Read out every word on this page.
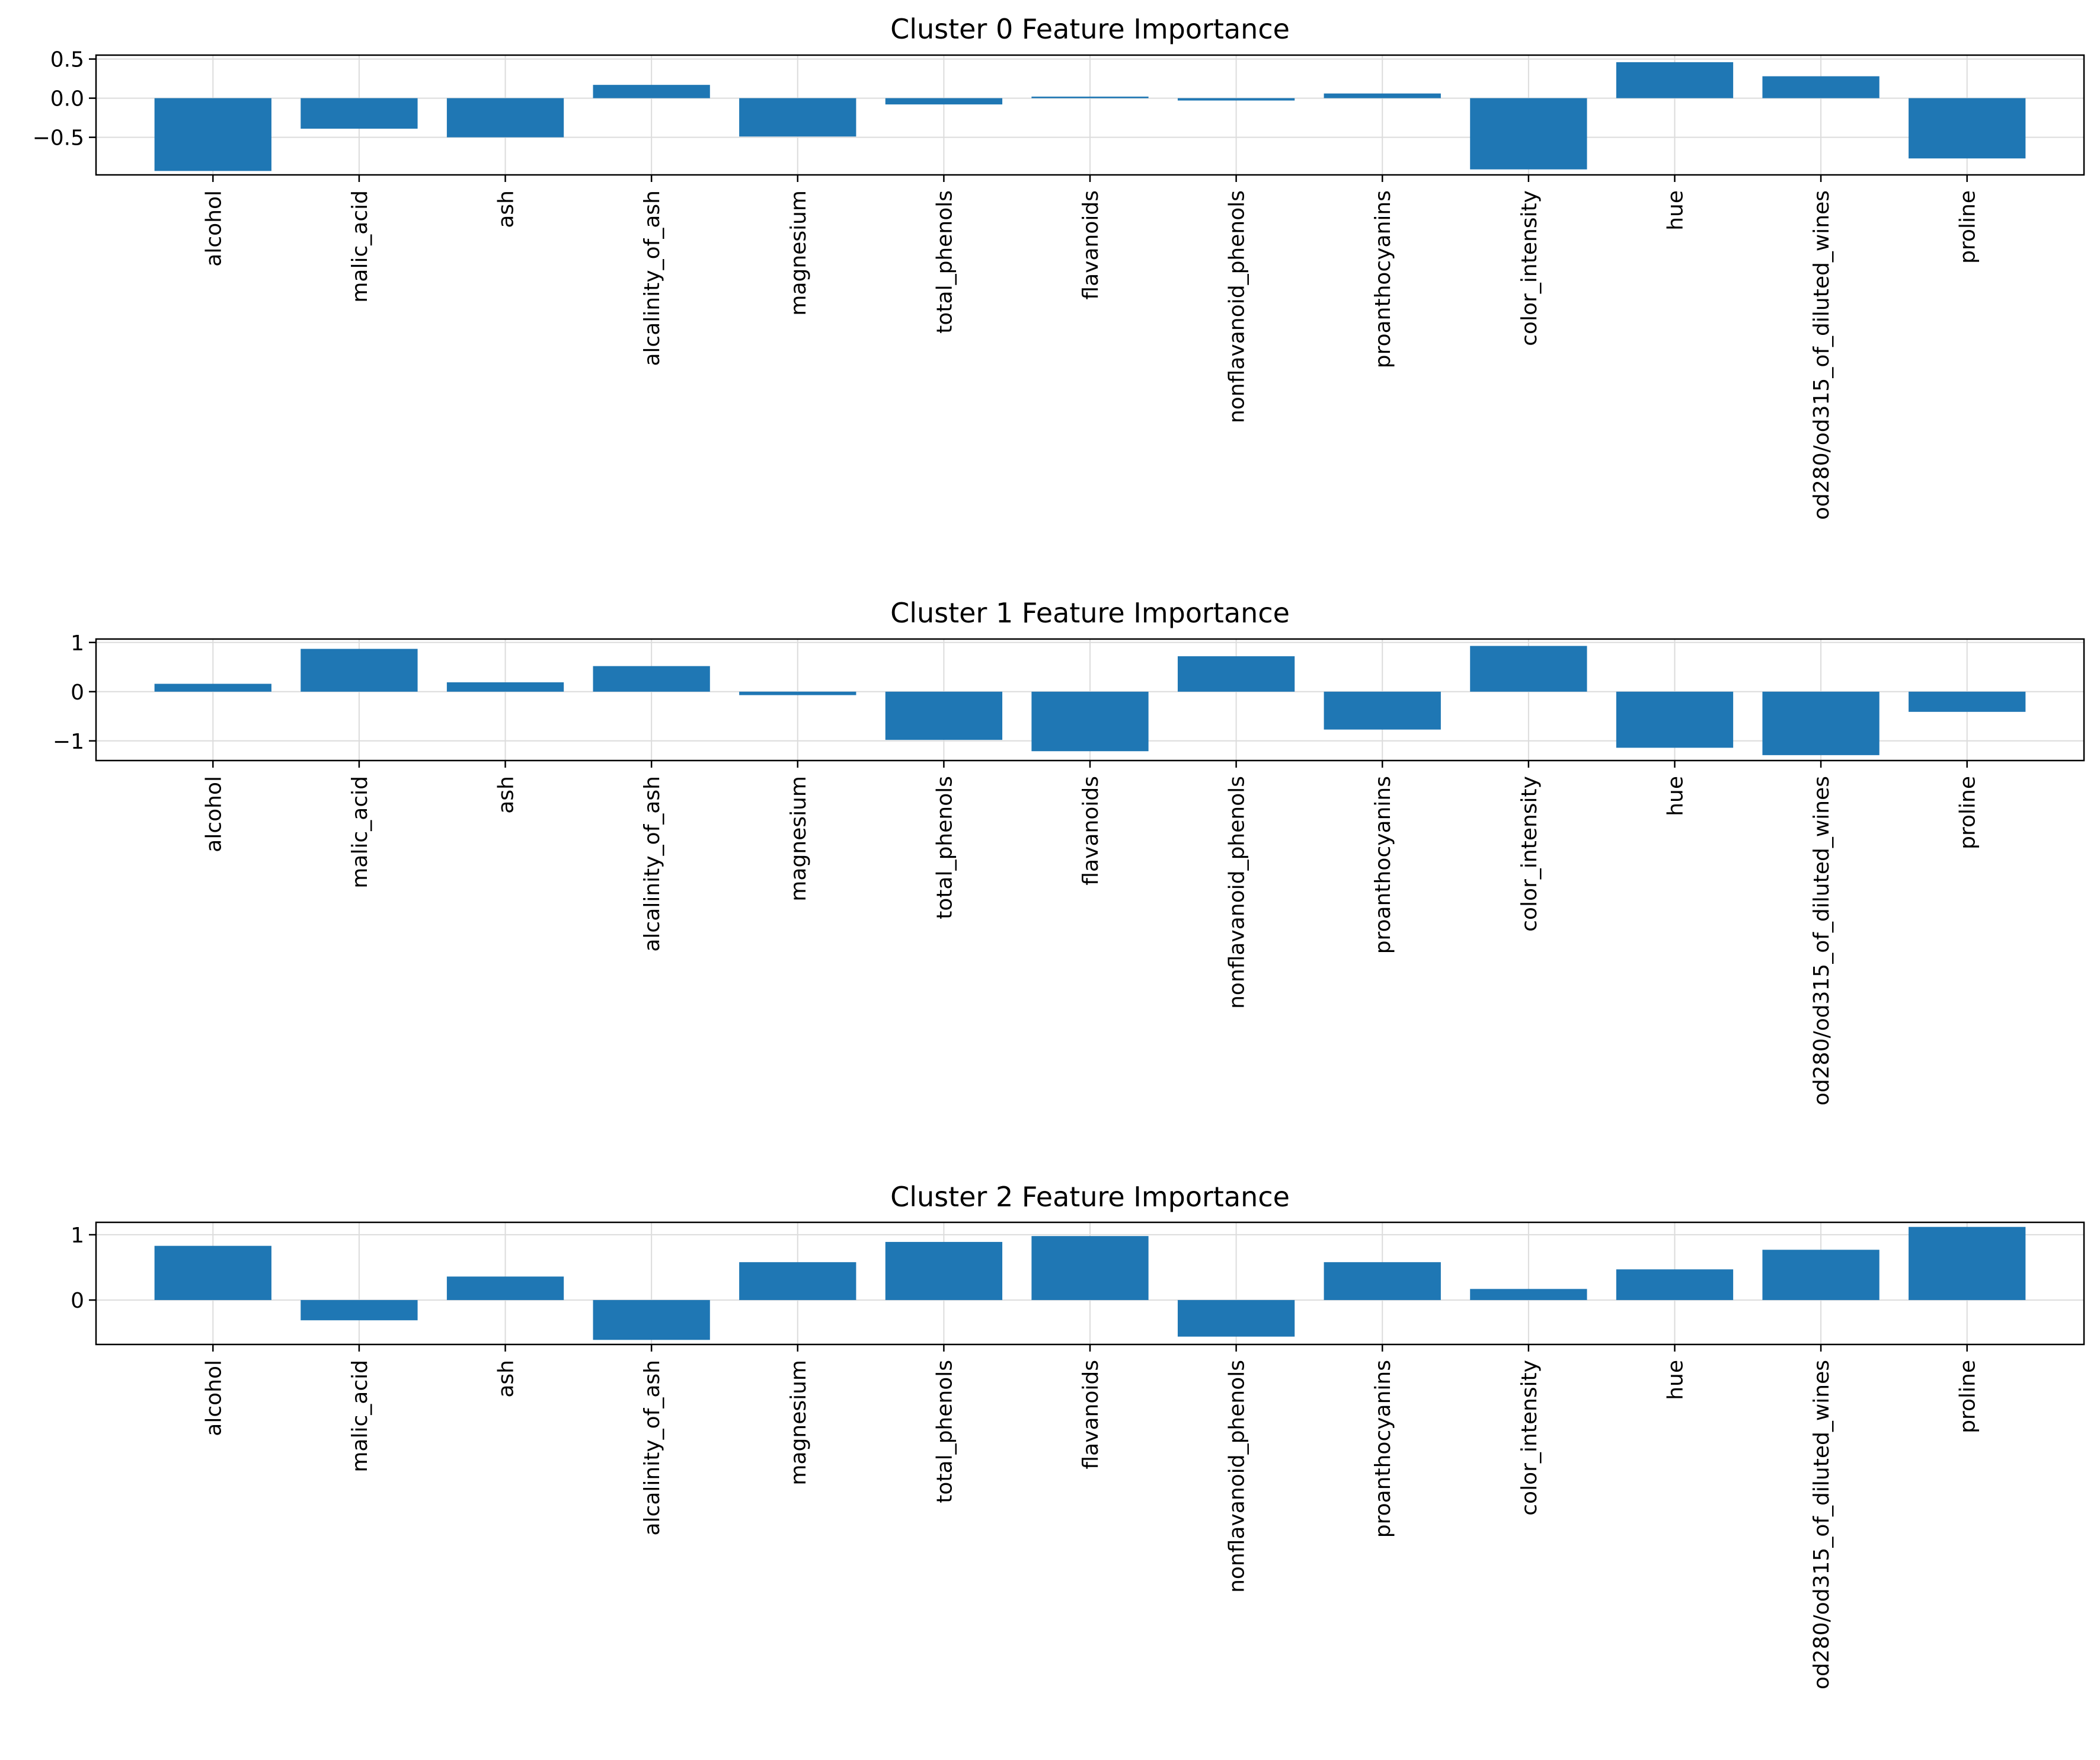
Cluster 0 Feature Importance
−0.5
0.0
0.5
alcohol	malic_acid	ash	alcalinity_of_ash	magnesium	total_phenols	flavanoids	nonflavanoid_phenols	proanthocyanins	color_intensity	hue	od280/od315_of_diluted_wines	proline
Cluster 1 Feature Importance
−1
0
1
alcohol	malic_acid	ash	alcalinity_of_ash	magnesium	total_phenols	flavanoids	nonflavanoid_phenols	proanthocyanins	color_intensity	hue	od280/od315_of_diluted_wines	proline
Cluster 2 Feature Importance
0
1
alcohol	malic_acid	ash	alcalinity_of_ash	magnesium	total_phenols	flavanoids	nonflavanoid_phenols	proanthocyanins	color_intensity	hue	od280/od315_of_diluted_wines	proline
